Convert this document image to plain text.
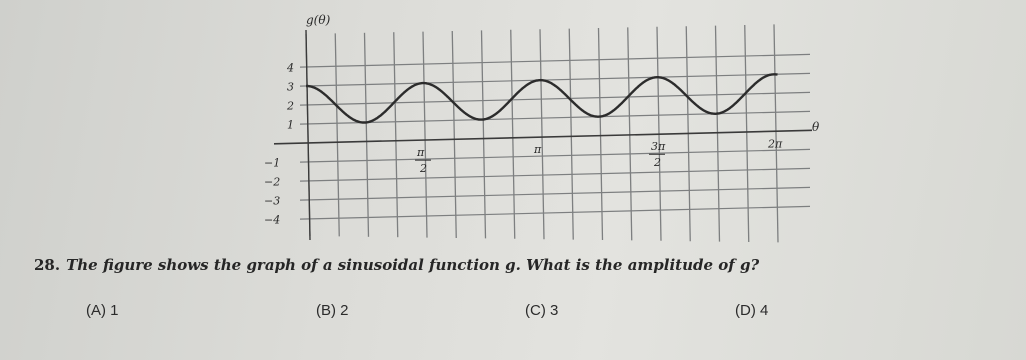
4
3
2
1
−1
−2
−3
−4
π
2
π	3π
2
2π
g(θ)
θ
28. The figure shows the graph of a sinusoidal function g. What is the amplitude of g?
(A) 1	(B) 2	(C) 3	(D) 4
